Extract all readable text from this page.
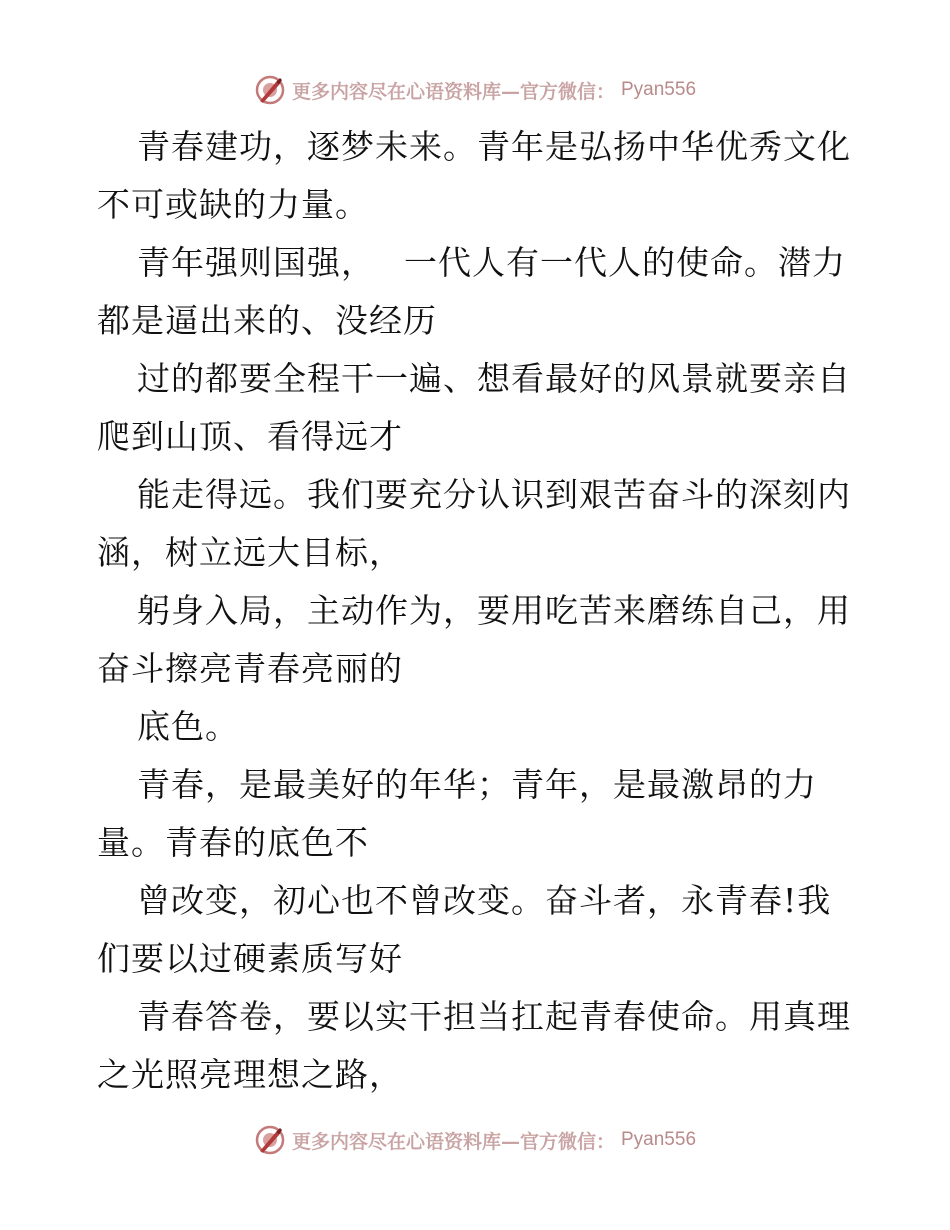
更多内容尽在心语资料库—官方微信： Pyan556

青春建功，逐梦未来。青年是弘扬中华优秀文化不可或缺的力量。

青年强则国强，　 一代人有一代人的使命。潜力都是逼出来的、没经历

过的都要全程干一遍、想看最好的风景就要亲自爬到山顶、看得远才

能走得远。我们要充分认识到艰苦奋斗的深刻内涵，树立远大目标，

躬身入局，主动作为，要用吃苦来磨练自己，用奋斗擦亮青春亮丽的

底色。

青春，是最美好的年华；青年，是最激昂的力量。青春的底色不

曾改变，初心也不曾改变。奋斗者，永青春!我们要以过硬素质写好

青春答卷，要以实干担当扛起青春使命。用真理之光照亮理想之路，

更多内容尽在心语资料库—官方微信： Pyan556
